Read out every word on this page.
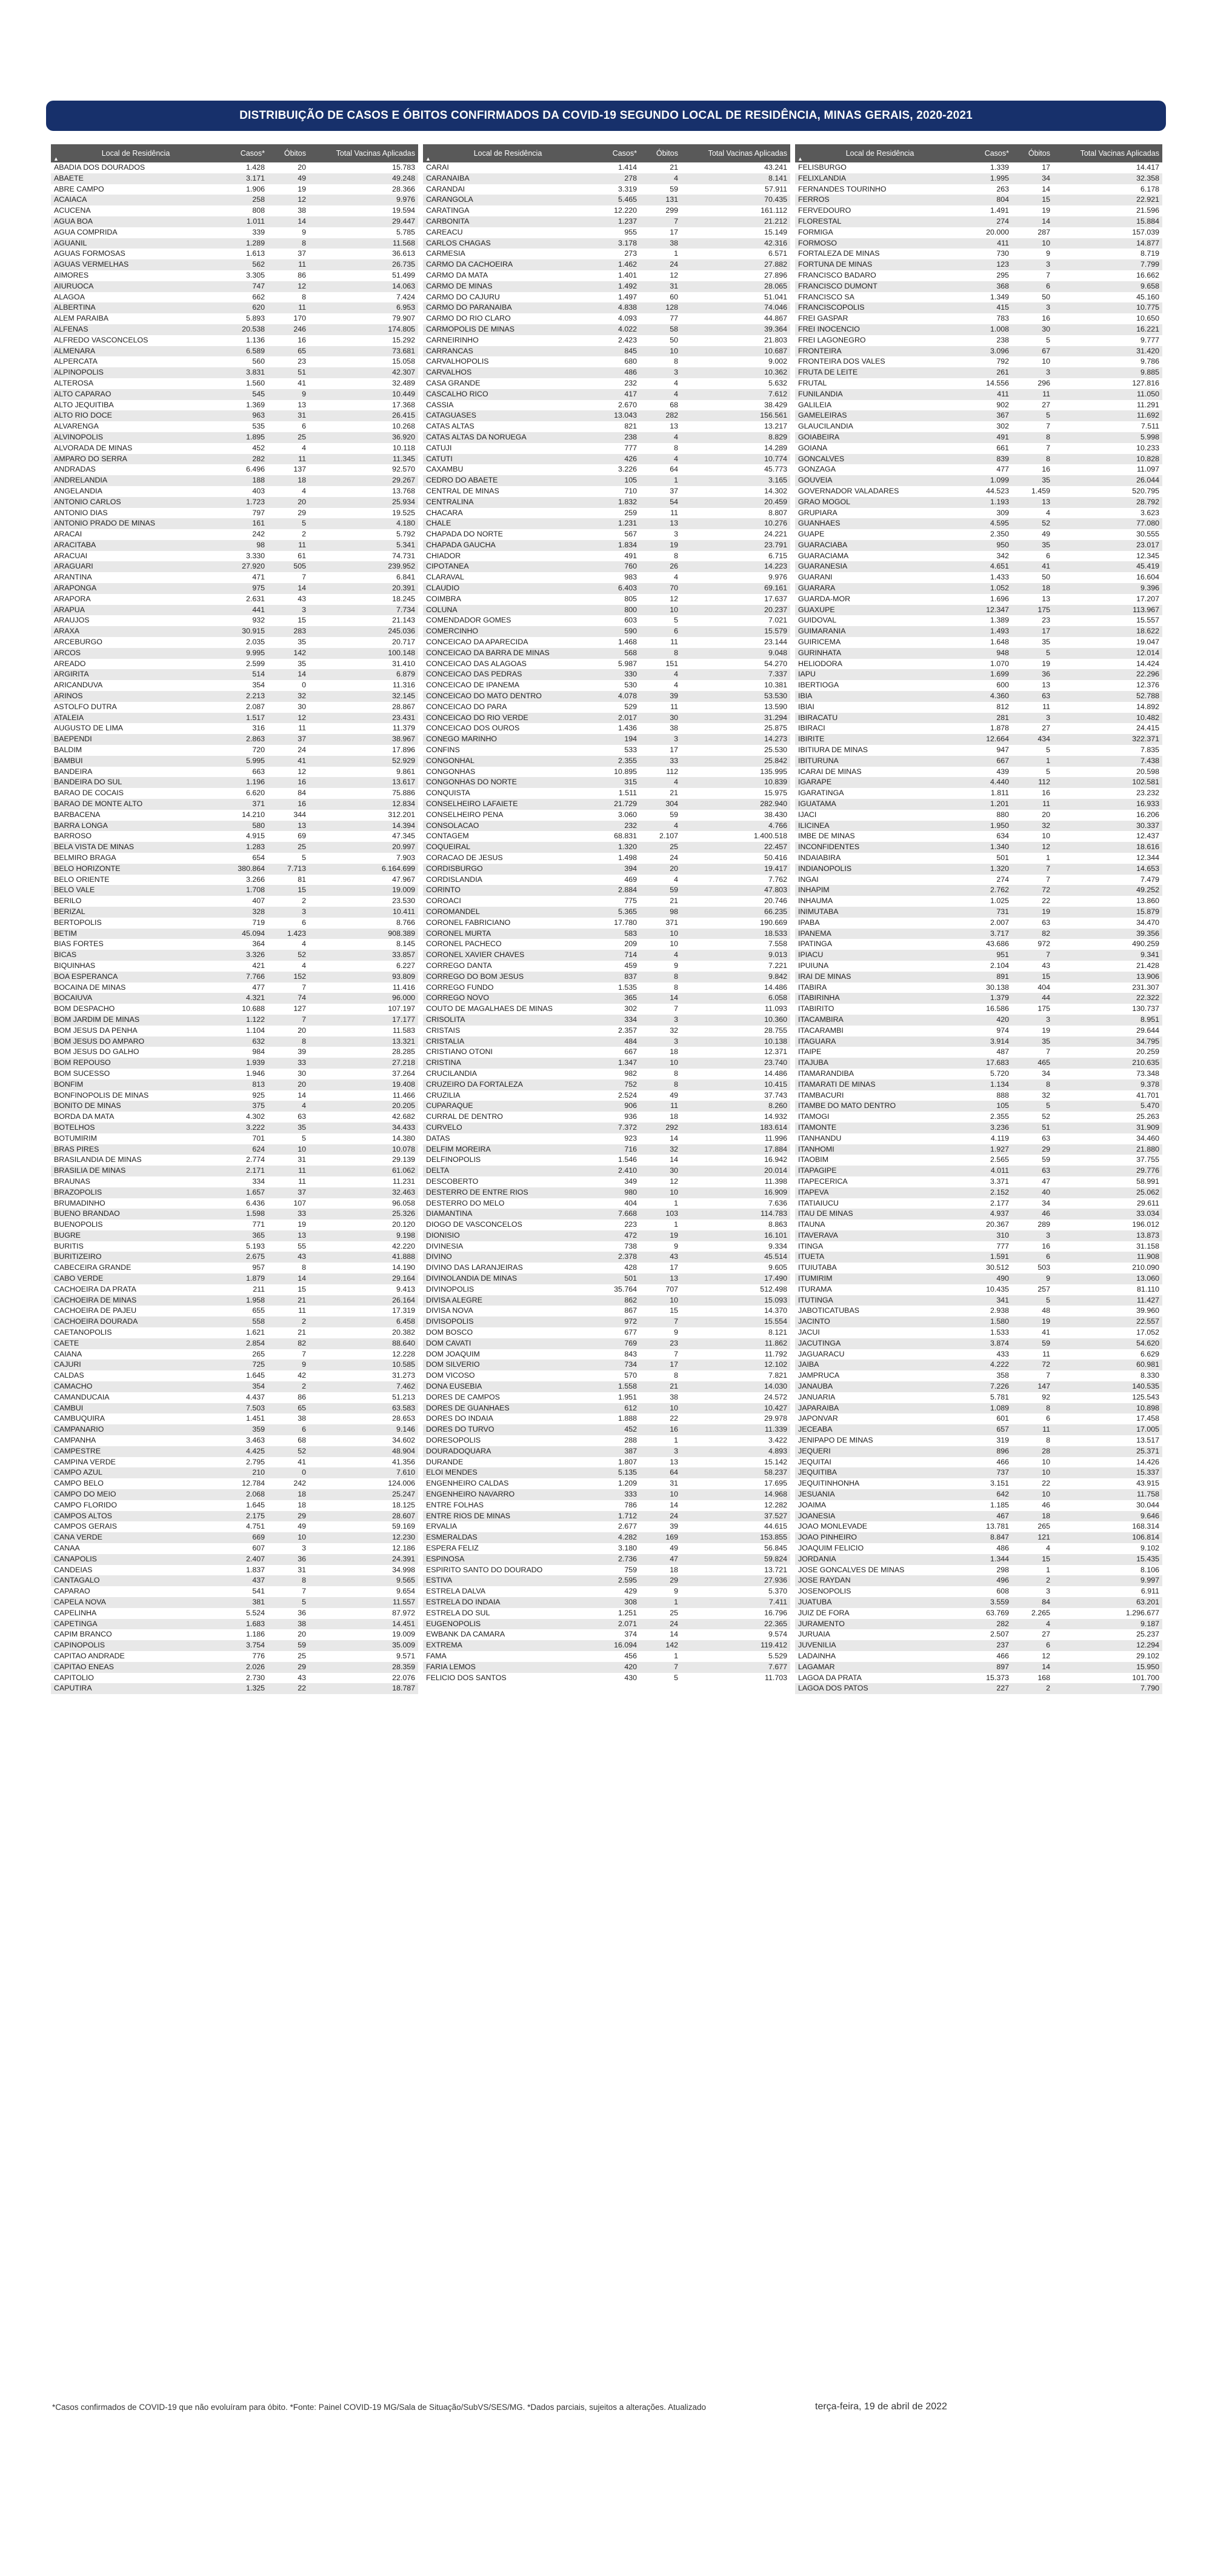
DISTRIBUIÇÃO DE CASOS E ÓBITOS CONFIRMADOS DA COVID-19 SEGUNDO LOCAL DE RESIDÊNCIA, MINAS GERAIS, 2020-2021
▲
Local de Residência	Casos*	Óbitos	Total Vacinas Aplicadas
ABADIA DOS DOURADOS	1.428	20	15.783
ABAETE	3.171	49	49.248
ABRE CAMPO	1.906	19	28.366
ACAIACA	258	12	9.976
ACUCENA	808	38	19.594
AGUA BOA	1.011	14	29.447
AGUA COMPRIDA	339	9	5.785
AGUANIL	1.289	8	11.568
AGUAS FORMOSAS	1.613	37	36.613
AGUAS VERMELHAS	562	11	26.735
AIMORES	3.305	86	51.499
AIURUOCA	747	12	14.063
ALAGOA	662	8	7.424
ALBERTINA	620	11	6.953
ALEM PARAIBA	5.893	170	79.907
ALFENAS	20.538	246	174.805
ALFREDO VASCONCELOS	1.136	16	15.292
ALMENARA	6.589	65	73.681
ALPERCATA	560	23	15.058
ALPINOPOLIS	3.831	51	42.307
ALTEROSA	1.560	41	32.489
ALTO CAPARAO	545	9	10.449
ALTO JEQUITIBA	1.369	13	17.368
ALTO RIO DOCE	963	31	26.415
ALVARENGA	535	6	10.268
ALVINOPOLIS	1.895	25	36.920
ALVORADA DE MINAS	452	4	10.118
AMPARO DO SERRA	282	11	11.345
ANDRADAS	6.496	137	92.570
ANDRELANDIA	188	18	29.267
ANGELANDIA	403	4	13.768
ANTONIO CARLOS	1.723	20	25.934
ANTONIO DIAS	797	29	19.525
ANTONIO PRADO DE MINAS	161	5	4.180
ARACAI	242	2	5.792
ARACITABA	98	11	5.341
ARACUAI	3.330	61	74.731
ARAGUARI	27.920	505	239.952
ARANTINA	471	7	6.841
ARAPONGA	975	14	20.391
ARAPORA	2.631	43	18.245
ARAPUA	441	3	7.734
ARAUJOS	932	15	21.143
ARAXA	30.915	283	245.036
ARCEBURGO	2.035	35	20.717
ARCOS	9.995	142	100.148
AREADO	2.599	35	31.410
ARGIRITA	514	14	6.879
ARICANDUVA	354	0	11.316
ARINOS	2.213	32	32.145
ASTOLFO DUTRA	2.087	30	28.867
ATALEIA	1.517	12	23.431
AUGUSTO DE LIMA	316	11	11.379
BAEPENDI	2.863	37	38.967
BALDIM	720	24	17.896
BAMBUI	5.995	41	52.929
BANDEIRA	663	12	9.861
BANDEIRA DO SUL	1.196	16	13.617
BARAO DE COCAIS	6.620	84	75.886
BARAO DE MONTE ALTO	371	16	12.834
BARBACENA	14.210	344	312.201
BARRA LONGA	580	13	14.394
BARROSO	4.915	69	47.345
BELA VISTA DE MINAS	1.283	25	20.997
BELMIRO BRAGA	654	5	7.903
BELO HORIZONTE	380.864	7.713	6.164.699
BELO ORIENTE	3.266	81	47.967
BELO VALE	1.708	15	19.009
BERILO	407	2	23.530
BERIZAL	328	3	10.411
BERTOPOLIS	719	6	8.766
BETIM	45.094	1.423	908.389
BIAS FORTES	364	4	8.145
BICAS	3.326	52	33.857
BIQUINHAS	421	4	6.227
BOA ESPERANCA	7.766	152	93.809
BOCAINA DE MINAS	477	7	11.416
BOCAIUVA	4.321	74	96.000
BOM DESPACHO	10.688	127	107.197
BOM JARDIM DE MINAS	1.122	7	17.177
BOM JESUS DA PENHA	1.104	20	11.583
BOM JESUS DO AMPARO	632	8	13.321
BOM JESUS DO GALHO	984	39	28.285
BOM REPOUSO	1.939	33	27.218
BOM SUCESSO	1.946	30	37.264
BONFIM	813	20	19.408
BONFINOPOLIS DE MINAS	925	14	11.466
BONITO DE MINAS	375	4	20.205
BORDA DA MATA	4.302	63	42.682
BOTELHOS	3.222	35	34.433
BOTUMIRIM	701	5	14.380
BRAS PIRES	624	10	10.078
BRASILANDIA DE MINAS	2.774	31	29.139
BRASILIA DE MINAS	2.171	11	61.062
BRAUNAS	334	11	11.231
BRAZOPOLIS	1.657	37	32.463
BRUMADINHO	6.436	107	96.058
BUENO BRANDAO	1.598	33	25.326
BUENOPOLIS	771	19	20.120
BUGRE	365	13	9.198
BURITIS	5.193	55	42.220
BURITIZEIRO	2.675	43	41.888
CABECEIRA GRANDE	957	8	14.190
CABO VERDE	1.879	14	29.164
CACHOEIRA DA PRATA	211	15	9.413
CACHOEIRA DE MINAS	1.958	21	26.164
CACHOEIRA DE PAJEU	655	11	17.319
CACHOEIRA DOURADA	558	2	6.458
CAETANOPOLIS	1.621	21	20.382
CAETE	2.854	82	88.640
CAIANA	265	7	12.228
CAJURI	725	9	10.585
CALDAS	1.645	42	31.273
CAMACHO	354	2	7.462
CAMANDUCAIA	4.437	86	51.213
CAMBUI	7.503	65	63.583
CAMBUQUIRA	1.451	38	28.653
CAMPANARIO	359	6	9.146
CAMPANHA	3.463	68	34.602
CAMPESTRE	4.425	52	48.904
CAMPINA VERDE	2.795	41	41.356
CAMPO AZUL	210	0	7.610
CAMPO BELO	12.784	242	124.006
CAMPO DO MEIO	2.068	18	25.247
CAMPO FLORIDO	1.645	18	18.125
CAMPOS ALTOS	2.175	29	28.607
CAMPOS GERAIS	4.751	49	59.169
CANA VERDE	669	10	12.230
CANAA	607	3	12.186
CANAPOLIS	2.407	36	24.391
CANDEIAS	1.837	31	34.998
CANTAGALO	437	8	9.565
CAPARAO	541	7	9.654
CAPELA NOVA	381	5	11.557
CAPELINHA	5.524	36	87.972
CAPETINGA	1.683	38	14.451
CAPIM BRANCO	1.186	20	19.009
CAPINOPOLIS	3.754	59	35.009
CAPITAO ANDRADE	776	25	9.571
CAPITAO ENEAS	2.026	29	28.359
CAPITOLIO	2.730	43	22.076
CAPUTIRA	1.325	22	18.787
▲
Local de Residência	Casos*	Óbitos	Total Vacinas Aplicadas
CARAI	1.414	21	43.241
CARANAIBA	278	4	8.141
CARANDAI	3.319	59	57.911
CARANGOLA	5.465	131	70.435
CARATINGA	12.220	299	161.112
CARBONITA	1.237	7	21.212
CAREACU	955	17	15.149
CARLOS CHAGAS	3.178	38	42.316
CARMESIA	273	1	6.571
CARMO DA CACHOEIRA	1.462	24	27.882
CARMO DA MATA	1.401	12	27.896
CARMO DE MINAS	1.492	31	28.065
CARMO DO CAJURU	1.497	60	51.041
CARMO DO PARANAIBA	4.838	128	74.046
CARMO DO RIO CLARO	4.093	77	44.867
CARMOPOLIS DE MINAS	4.022	58	39.364
CARNEIRINHO	2.423	50	21.803
CARRANCAS	845	10	10.687
CARVALHOPOLIS	680	8	9.002
CARVALHOS	486	3	10.362
CASA GRANDE	232	4	5.632
CASCALHO RICO	417	4	7.612
CASSIA	2.670	68	38.429
CATAGUASES	13.043	282	156.561
CATAS ALTAS	821	13	13.217
CATAS ALTAS DA NORUEGA	238	4	8.829
CATUJI	777	8	14.289
CATUTI	426	4	10.774
CAXAMBU	3.226	64	45.773
CEDRO DO ABAETE	105	1	3.165
CENTRAL DE MINAS	710	37	14.302
CENTRALINA	1.832	54	20.459
CHACARA	259	11	8.807
CHALE	1.231	13	10.276
CHAPADA DO NORTE	567	3	24.221
CHAPADA GAUCHA	1.834	19	23.791
CHIADOR	491	8	6.715
CIPOTANEA	760	26	14.223
CLARAVAL	983	4	9.976
CLAUDIO	6.403	70	69.161
COIMBRA	805	12	17.637
COLUNA	800	10	20.237
COMENDADOR GOMES	603	5	7.021
COMERCINHO	590	6	15.579
CONCEICAO DA APARECIDA	1.468	11	23.144
CONCEICAO DA BARRA DE MINAS	568	8	9.048
CONCEICAO DAS ALAGOAS	5.987	151	54.270
CONCEICAO DAS PEDRAS	330	4	7.337
CONCEICAO DE IPANEMA	530	4	10.381
CONCEICAO DO MATO DENTRO	4.078	39	53.530
CONCEICAO DO PARA	529	11	13.590
CONCEICAO DO RIO VERDE	2.017	30	31.294
CONCEICAO DOS OUROS	1.436	38	25.875
CONEGO MARINHO	194	3	14.273
CONFINS	533	17	25.530
CONGONHAL	2.355	33	25.842
CONGONHAS	10.895	112	135.995
CONGONHAS DO NORTE	315	4	10.839
CONQUISTA	1.511	21	15.975
CONSELHEIRO LAFAIETE	21.729	304	282.940
CONSELHEIRO PENA	3.060	59	38.430
CONSOLACAO	232	4	4.766
CONTAGEM	68.831	2.107	1.400.518
COQUEIRAL	1.320	25	22.457
CORACAO DE JESUS	1.498	24	50.416
CORDISBURGO	394	20	19.417
CORDISLANDIA	469	4	7.762
CORINTO	2.884	59	47.803
COROACI	775	21	20.746
COROMANDEL	5.365	98	66.235
CORONEL FABRICIANO	17.780	371	190.669
CORONEL MURTA	583	10	18.533
CORONEL PACHECO	209	10	7.558
CORONEL XAVIER CHAVES	714	4	9.013
CORREGO DANTA	459	9	7.221
CORREGO DO BOM JESUS	837	8	9.842
CORREGO FUNDO	1.535	8	14.486
CORREGO NOVO	365	14	6.058
COUTO DE MAGALHAES DE MINAS	302	7	11.093
CRISOLITA	334	3	10.360
CRISTAIS	2.357	32	28.755
CRISTALIA	484	3	10.138
CRISTIANO OTONI	667	18	12.371
CRISTINA	1.347	10	23.740
CRUCILANDIA	982	8	14.486
CRUZEIRO DA FORTALEZA	752	8	10.415
CRUZILIA	2.524	49	37.743
CUPARAQUE	906	11	8.260
CURRAL DE DENTRO	936	18	14.932
CURVELO	7.372	292	183.614
DATAS	923	14	11.996
DELFIM MOREIRA	716	32	17.884
DELFINOPOLIS	1.546	14	16.942
DELTA	2.410	30	20.014
DESCOBERTO	349	12	11.398
DESTERRO DE ENTRE RIOS	980	10	16.909
DESTERRO DO MELO	404	1	7.636
DIAMANTINA	7.668	103	114.783
DIOGO DE VASCONCELOS	223	1	8.863
DIONISIO	472	19	16.101
DIVINESIA	738	9	9.334
DIVINO	2.378	43	45.514
DIVINO DAS LARANJEIRAS	428	17	9.605
DIVINOLANDIA DE MINAS	501	13	17.490
DIVINOPOLIS	35.764	707	512.498
DIVISA ALEGRE	862	10	15.093
DIVISA NOVA	867	15	14.370
DIVISOPOLIS	972	7	15.554
DOM BOSCO	677	9	8.121
DOM CAVATI	769	23	11.862
DOM JOAQUIM	843	7	11.792
DOM SILVERIO	734	17	12.102
DOM VICOSO	570	8	7.821
DONA EUSEBIA	1.558	21	14.030
DORES DE CAMPOS	1.951	38	24.572
DORES DE GUANHAES	612	10	10.427
DORES DO INDAIA	1.888	22	29.978
DORES DO TURVO	452	16	11.339
DORESOPOLIS	288	1	3.422
DOURADOQUARA	387	3	4.893
DURANDE	1.807	13	15.142
ELOI MENDES	5.135	64	58.237
ENGENHEIRO CALDAS	1.209	31	17.695
ENGENHEIRO NAVARRO	333	10	14.968
ENTRE FOLHAS	786	14	12.282
ENTRE RIOS DE MINAS	1.712	24	37.527
ERVALIA	2.677	39	44.615
ESMERALDAS	4.282	169	153.855
ESPERA FELIZ	3.180	49	56.845
ESPINOSA	2.736	47	59.824
ESPIRITO SANTO DO DOURADO	759	18	13.721
ESTIVA	2.595	29	27.936
ESTRELA DALVA	429	9	5.370
ESTRELA DO INDAIA	308	1	7.411
ESTRELA DO SUL	1.251	25	16.796
EUGENOPOLIS	2.071	24	22.365
EWBANK DA CAMARA	374	14	9.574
EXTREMA	16.094	142	119.412
FAMA	456	1	5.529
FARIA LEMOS	420	7	7.677
FELICIO DOS SANTOS	430	5	11.703
▲
Local de Residência	Casos*	Óbitos	Total Vacinas Aplicadas
FELISBURGO	1.339	17	14.417
FELIXLANDIA	1.995	34	32.358
FERNANDES TOURINHO	263	14	6.178
FERROS	804	15	22.921
FERVEDOURO	1.491	19	21.596
FLORESTAL	274	14	15.884
FORMIGA	20.000	287	157.039
FORMOSO	411	10	14.877
FORTALEZA DE MINAS	730	9	8.719
FORTUNA DE MINAS	123	3	7.799
FRANCISCO BADARO	295	7	16.662
FRANCISCO DUMONT	368	6	9.658
FRANCISCO SA	1.349	50	45.160
FRANCISCOPOLIS	415	3	10.775
FREI GASPAR	783	16	10.650
FREI INOCENCIO	1.008	30	16.221
FREI LAGONEGRO	238	5	9.777
FRONTEIRA	3.096	67	31.420
FRONTEIRA DOS VALES	792	10	9.786
FRUTA DE LEITE	261	3	9.885
FRUTAL	14.556	296	127.816
FUNILANDIA	411	11	11.050
GALILEIA	902	27	11.291
GAMELEIRAS	367	5	11.692
GLAUCILANDIA	302	7	7.511
GOIABEIRA	491	8	5.998
GOIANA	661	7	10.233
GONCALVES	839	8	10.828
GONZAGA	477	16	11.097
GOUVEIA	1.099	35	26.044
GOVERNADOR VALADARES	44.523	1.459	520.795
GRAO MOGOL	1.193	13	28.792
GRUPIARA	309	4	3.623
GUANHAES	4.595	52	77.080
GUAPE	2.350	49	30.555
GUARACIABA	950	35	23.017
GUARACIAMA	342	6	12.345
GUARANESIA	4.651	41	45.419
GUARANI	1.433	50	16.604
GUARARA	1.052	18	9.396
GUARDA-MOR	1.696	13	17.207
GUAXUPE	12.347	175	113.967
GUIDOVAL	1.389	23	15.557
GUIMARANIA	1.493	17	18.622
GUIRICEMA	1.648	35	19.047
GURINHATA	948	5	12.014
HELIODORA	1.070	19	14.424
IAPU	1.699	36	22.296
IBERTIOGA	600	13	12.376
IBIA	4.360	63	52.788
IBIAI	812	11	14.892
IBIRACATU	281	3	10.482
IBIRACI	1.878	27	24.415
IBIRITE	12.664	434	322.371
IBITIURA DE MINAS	947	5	7.835
IBITURUNA	667	1	7.438
ICARAI DE MINAS	439	5	20.598
IGARAPE	4.440	112	102.581
IGARATINGA	1.811	16	23.232
IGUATAMA	1.201	11	16.933
IJACI	880	20	16.206
ILICINEA	1.950	32	30.337
IMBE DE MINAS	634	10	12.437
INCONFIDENTES	1.340	12	18.616
INDAIABIRA	501	1	12.344
INDIANOPOLIS	1.320	7	14.653
INGAI	274	7	7.479
INHAPIM	2.762	72	49.252
INHAUMA	1.025	22	13.860
INIMUTABA	731	19	15.879
IPABA	2.007	63	34.470
IPANEMA	3.717	82	39.356
IPATINGA	43.686	972	490.259
IPIACU	951	7	9.341
IPUIUNA	2.104	43	21.428
IRAI DE MINAS	891	15	13.906
ITABIRA	30.138	404	231.307
ITABIRINHA	1.379	44	22.322
ITABIRITO	16.586	175	130.737
ITACAMBIRA	420	3	8.951
ITACARAMBI	974	19	29.644
ITAGUARA	3.914	35	34.795
ITAIPE	487	7	20.259
ITAJUBA	17.683	465	210.635
ITAMARANDIBA	5.720	34	73.348
ITAMARATI DE MINAS	1.134	8	9.378
ITAMBACURI	888	32	41.701
ITAMBE DO MATO DENTRO	105	5	5.470
ITAMOGI	2.355	52	25.263
ITAMONTE	3.236	51	31.909
ITANHANDU	4.119	63	34.460
ITANHOMI	1.927	29	21.880
ITAOBIM	2.565	59	37.755
ITAPAGIPE	4.011	63	29.776
ITAPECERICA	3.371	47	58.991
ITAPEVA	2.152	40	25.062
ITATIAIUCU	2.177	34	29.611
ITAU DE MINAS	4.937	46	33.034
ITAUNA	20.367	289	196.012
ITAVERAVA	310	3	13.873
ITINGA	777	16	31.158
ITUETA	1.591	6	11.908
ITUIUTABA	30.512	503	210.090
ITUMIRIM	490	9	13.060
ITURAMA	10.435	257	81.110
ITUTINGA	341	5	11.427
JABOTICATUBAS	2.938	48	39.960
JACINTO	1.580	19	22.557
JACUI	1.533	41	17.052
JACUTINGA	3.874	59	54.620
JAGUARACU	433	11	6.629
JAIBA	4.222	72	60.981
JAMPRUCA	358	7	8.330
JANAUBA	7.226	147	140.535
JANUARIA	5.781	92	125.543
JAPARAIBA	1.089	8	10.898
JAPONVAR	601	6	17.458
JECEABA	657	11	17.005
JENIPAPO DE MINAS	319	8	13.517
JEQUERI	896	28	25.371
JEQUITAI	466	10	14.426
JEQUITIBA	737	10	15.337
JEQUITINHONHA	3.151	22	43.915
JESUANIA	642	10	11.758
JOAIMA	1.185	46	30.044
JOANESIA	467	18	9.646
JOAO MONLEVADE	13.781	265	168.314
JOAO PINHEIRO	8.847	121	106.814
JOAQUIM FELICIO	486	4	9.102
JORDANIA	1.344	15	15.435
JOSE GONCALVES DE MINAS	298	1	8.106
JOSE RAYDAN	496	2	9.997
JOSENOPOLIS	608	3	6.911
JUATUBA	3.559	84	63.201
JUIZ DE FORA	63.769	2.265	1.296.677
JURAMENTO	282	4	9.187
JURUAIA	2.507	27	25.237
JUVENILIA	237	6	12.294
LADAINHA	466	12	29.102
LAGAMAR	897	14	15.950
LAGOA DA PRATA	15.373	168	101.700
LAGOA DOS PATOS	227	2	7.790
*Casos confirmados de COVID-19 que não evoluíram para óbito. *Fonte: Painel COVID-19 MG/Sala de Situação/SubVS/SES/MG. *Dados parciais, sujeitos a alterações. Atualizado	terça-feira, 19 de abril de 2022
